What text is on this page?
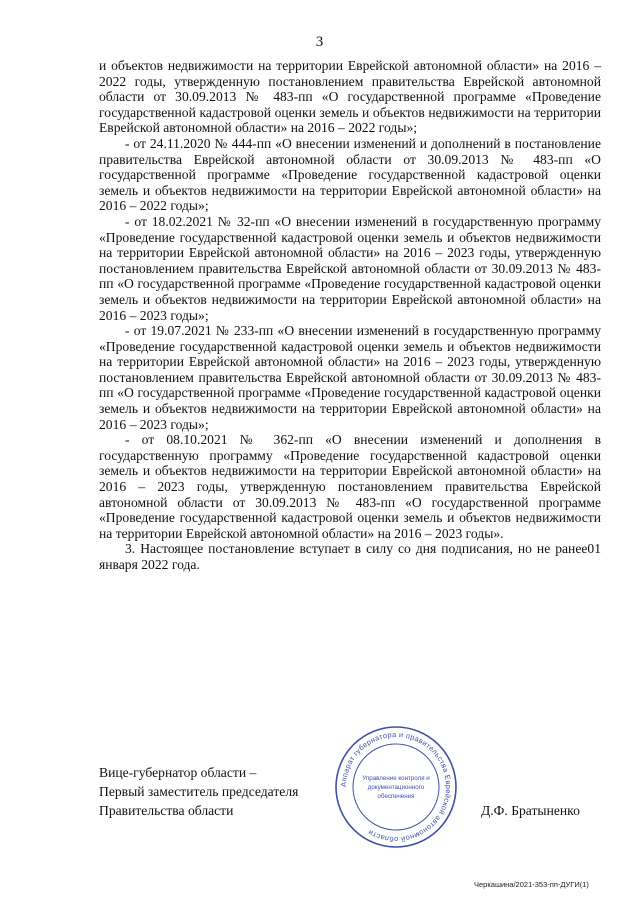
3

и объектов недвижимости на территории Еврейской автономной области» на 2016 – 2022 годы, утвержденную постановлением правительства Еврейской автономной области от 30.09.2013 № 483-пп «О государственной программе «Проведение государственной кадастровой оценки земель и объектов недвижимости на территории Еврейской автономной области» на 2016 – 2022 годы»;

- от 24.11.2020 № 444-пп «О внесении изменений и дополнений в постановление правительства Еврейской автономной области от 30.09.2013 № 483-пп «О государственной программе «Проведение государственной кадастровой оценки земель и объектов недвижимости на территории Еврейской автономной области» на 2016 – 2022 годы»;

- от 18.02.2021 № 32-пп «О внесении изменений в государственную программу «Проведение государственной кадастровой оценки земель и объектов недвижимости на территории Еврейской автономной области» на 2016 – 2023 годы, утвержденную постановлением правительства Еврейской автономной области от 30.09.2013 № 483-пп «О государственной программе «Проведение государственной кадастровой оценки земель и объектов недвижимости на территории Еврейской автономной области» на 2016 – 2023 годы»;

- от 19.07.2021 № 233-пп «О внесении изменений в государственную программу «Проведение государственной кадастровой оценки земель и объектов недвижимости на территории Еврейской автономной области» на 2016 – 2023 годы, утвержденную постановлением правительства Еврейской автономной области от 30.09.2013 № 483-пп «О государственной программе «Проведение государственной кадастровой оценки земель и объектов недвижимости на территории Еврейской автономной области» на 2016 – 2023 годы»;

- от 08.10.2021 № 362-пп «О внесении изменений и дополнения в государственную программу «Проведение государственной кадастровой оценки земель и объектов недвижимости на территории Еврейской автономной области» на 2016 – 2023 годы, утвержденную постановлением правительства Еврейской автономной области от 30.09.2013 № 483-пп «О государственной программе «Проведение государственной кадастровой оценки земель и объектов недвижимости на территории Еврейской автономной области» на 2016 – 2023 годы».

3. Настоящее постановление вступает в силу со дня подписания, но не ранее01 января 2022 года.

Вице-губернатор области –
Первый заместитель председателя
Правительства области
Аппарат губернатора и правительства Еврейской автономной области
Управление контроля и
документационного
обеспечения
Д.Ф. Братыненко
Черкашина/2021-353-пп-ДУГИ(1)
